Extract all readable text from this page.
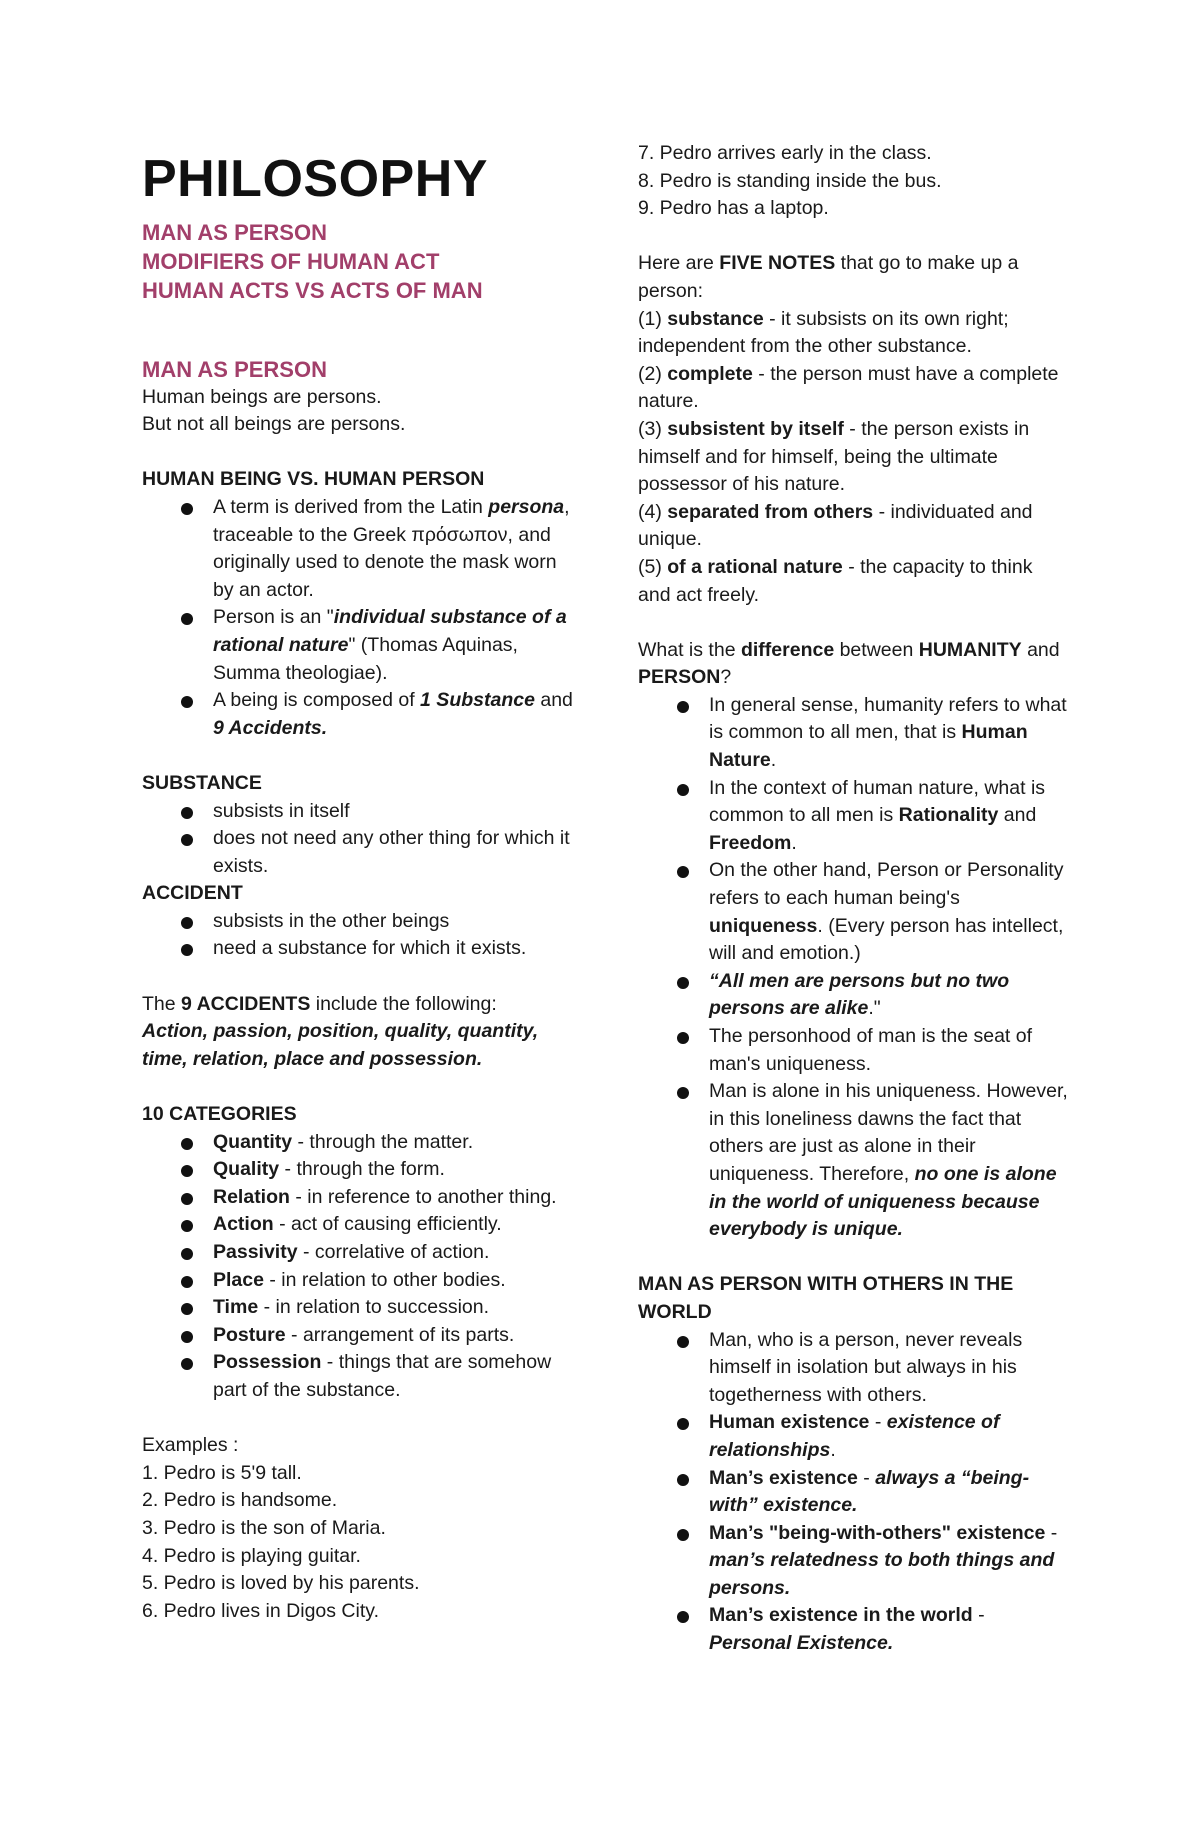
PHILOSOPHY
MAN AS PERSON
MODIFIERS OF HUMAN ACT
HUMAN ACTS VS ACTS OF MAN
MAN AS PERSON

Human beings are persons.

But not all beings are persons.

HUMAN BEING VS. HUMAN PERSON

A term is derived from the Latin persona, traceable to the Greek πρόσωπον, and originally used to denote the mask worn by an actor.
Person is an "individual substance of a rational nature" (Thomas Aquinas, Summa theologiae).
A being is composed of 1 Substance and 9 Accidents.

SUBSTANCE

subsists in itself
does not need any other thing for which it exists.

ACCIDENT

subsists in the other beings
need a substance for which it exists.

The 9 ACCIDENTS include the following:

Action, passion, position, quality, quantity, time, relation, place and possession.

10 CATEGORIES

Quantity - through the matter.
Quality - through the form.
Relation - in reference to another thing.
Action - act of causing efficiently.
Passivity - correlative of action.
Place - in relation to other bodies.
Time - in relation to succession.
Posture - arrangement of its parts.
Possession - things that are somehow part of the substance.

Examples :

1. Pedro is 5'9 tall.

2. Pedro is handsome.

3. Pedro is the son of Maria.

4. Pedro is playing guitar.

5. Pedro is loved by his parents.

6. Pedro lives in Digos City.

7. Pedro arrives early in the class.

8. Pedro is standing inside the bus.

9. Pedro has a laptop.

Here are FIVE NOTES that go to make up a person:

(1) substance - it subsists on its own right; independent from the other substance.

(2) complete - the person must have a complete nature.

(3) subsistent by itself - the person exists in himself and for himself, being the ultimate possessor of his nature.

(4) separated from others - individuated and unique.

(5) of a rational nature - the capacity to think and act freely.

What is the difference between HUMANITY and PERSON?

In general sense, humanity refers to what is common to all men, that is Human Nature.
In the context of human nature, what is common to all men is Rationality and Freedom.
On the other hand, Person or Personality refers to each human being's uniqueness. (Every person has intellect, will and emotion.)
“All men are persons but no two persons are alike."
The personhood of man is the seat of man's uniqueness.
Man is alone in his uniqueness. However, in this loneliness dawns the fact that others are just as alone in their uniqueness. Therefore, no one is alone in the world of uniqueness because everybody is unique.

MAN AS PERSON WITH OTHERS IN THE WORLD

Man, who is a person, never reveals himself in isolation but always in his togetherness with others.
Human existence - existence of relationships.
Man’s existence - always a “being-with” existence.
Man’s "being-with-others" existence - man’s relatedness to both things and persons.
Man’s existence in the world - Personal Existence.
